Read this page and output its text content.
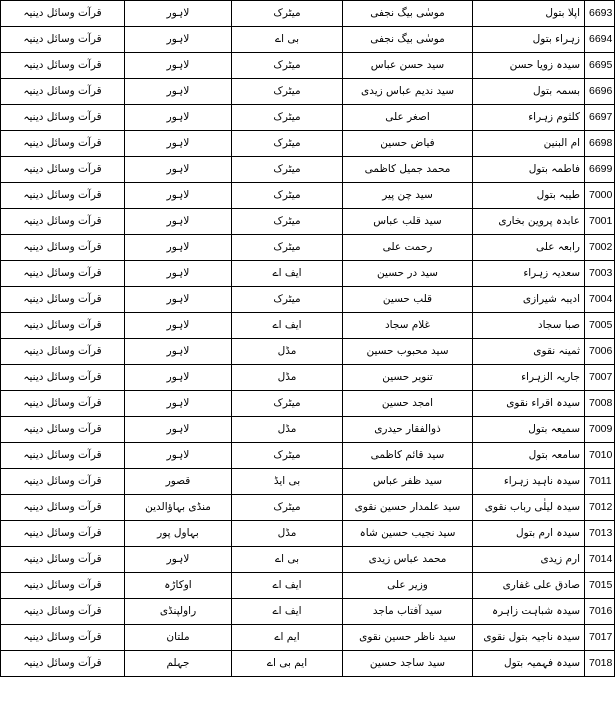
قرآت وسائل دینیہ	لاہور	میٹرک	موسٰی بیگ نجفی	اپلا بتول	6693
قرآت وسائل دینیہ	لاہور	بی اے	موسٰی بیگ نجفی	زہراء بتول	6694
قرآت وسائل دینیہ	لاہور	میٹرک	سید حسن عباس	سیدہ زویا حسن	6695
قرآت وسائل دینیہ	لاہور	میٹرک	سید ندیم عباس زیدی	بسمہ بتول	6696
قرآت وسائل دینیہ	لاہور	میٹرک	اصغر علی	کلثوم زہراء	6697
قرآت وسائل دینیہ	لاہور	میٹرک	فیاض حسین	ام البنین	6698
قرآت وسائل دینیہ	لاہور	میٹرک	محمد جمیل کاظمی	فاطمہ بتول	6699
قرآت وسائل دینیہ	لاہور	میٹرک	سید چن پیر	طیبہ بتول	7000
قرآت وسائل دینیہ	لاہور	میٹرک	سید قلب عباس	عابدہ پروین بخاری	7001
قرآت وسائل دینیہ	لاہور	میٹرک	رحمت علی	رابعہ علی	7002
قرآت وسائل دینیہ	لاہور	ایف اے	سید در حسین	سعدیہ زہراء	7003
قرآت وسائل دینیہ	لاہور	میٹرک	قلب حسین	ادیبہ شیرازی	7004
قرآت وسائل دینیہ	لاہور	ایف اے	غلام سجاد	صبا سجاد	7005
قرآت وسائل دینیہ	لاہور	مڈل	سید محبوب حسین	ثمینہ نقوی	7006
قرآت وسائل دینیہ	لاہور	مڈل	تنویر حسین	جاریہ الزہراء	7007
قرآت وسائل دینیہ	لاہور	میٹرک	امجد حسین	سیدہ اقراء نقوی	7008
قرآت وسائل دینیہ	لاہور	مڈل	ذوالفقار حیدری	سمیعہ بتول	7009
قرآت وسائل دینیہ	لاہور	میٹرک	سید قائم کاظمی	سامعہ بتول	7010
قرآت وسائل دینیہ	قصور	بی ایڈ	سید ظفر عباس	سیدہ ناہید زہراء	7011
قرآت وسائل دینیہ	منڈی بہاؤالدین	میٹرک	سید علمدار حسین نقوی	سیدہ لیلٰی رباب نقوی	7012
قرآت وسائل دینیہ	بہاول پور	مڈل	سید نجیب حسین شاہ	سیدہ ارم بتول	7013
قرآت وسائل دینیہ	لاہور	بی اے	محمد عباس زیدی	ارم زیدی	7014
قرآت وسائل دینیہ	اوکاڑہ	ایف اے	وزیر علی	صادق علی غفاری	7015
قرآت وسائل دینیہ	راولپنڈی	ایف اے	سید آفتاب ماجد	سیدہ شباہت زاہرہ	7016
قرآت وسائل دینیہ	ملتان	ایم اے	سید ناظر حسین نقوی	سیدہ ناجیہ بتول نقوی	7017
قرآت وسائل دینیہ	جہلم	ایم بی اے	سید ساجد حسین	سیدہ فہمیہ بتول	7018
